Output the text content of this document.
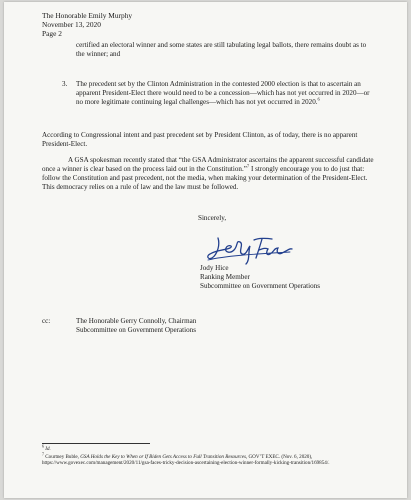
The Honorable Emily Murphy
November 13, 2020
Page 2
certified an electoral winner and some states are still tabulating legal ballots, there remains doubt as to the winner; and
3. The precedent set by the Clinton Administration in the contested 2000 election is that to ascertain an apparent President-Elect there would need to be a concession—which has not yet occurred in 2020—or no more legitimate continuing legal challenges—which has not yet occurred in 2020.$^6$
According to Congressional intent and past precedent set by President Clinton, as of today, there is no apparent President-Elect.
A GSA spokesman recently stated that “the GSA Administrator ascertains the apparent successful candidate once a winner is clear based on the process laid out in the Constitution.”$^7$ I strongly encourage you to do just that: follow the Constitution and past precedent, not the media, when making your determination of the President-Elect. This democracy relies on a rule of law and the law must be followed.
Sincerely,
Jody Hice
Ranking Member
Subcommittee on Government Operations
cc:	The Honorable Gerry Connolly, Chairman
Subcommittee on Government Operations
$^6$ Id.
$^7$ Courtney Buble, GSA Holds the Key to When or If Biden Gets Access to Full Transition Resources, GOV’T EXEC. (Nov. 6, 2020), https://www.govexec.com/management/2020/11/gsa-faces-tricky-decision-ascertaining-election-winner-formally-kicking-transition/169854/.
